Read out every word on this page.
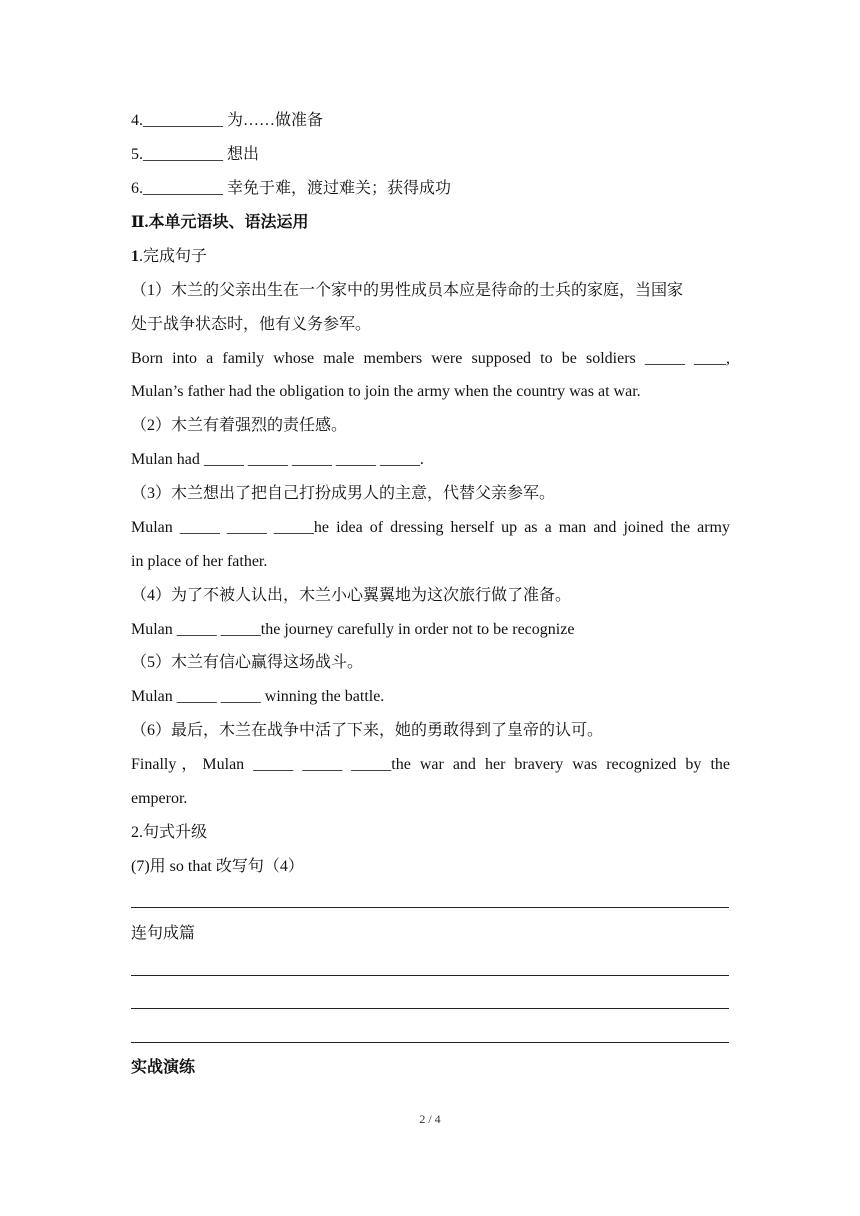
4.__________ 为……做准备
5.__________ 想出
6.__________ 幸免于难，渡过难关；获得成功
Ⅱ.本单元语块、语法运用
1.完成句子
（1）木兰的父亲出生在一个家中的男性成员本应是待命的士兵的家庭，当国家
处于战争状态时，他有义务参军。
Born into a family whose male members were supposed to be soldiers _____ ____,
Mulan’s father had the obligation to join the army when the country was at war.
（2）木兰有着强烈的责任感。
Mulan had _____ _____ _____ _____ _____.
（3）木兰想出了把自己打扮成男人的主意，代替父亲参军。
Mulan _____ _____ _____he idea of dressing herself up as a man and joined the army
in place of her father.
（4）为了不被人认出，木兰小心翼翼地为这次旅行做了准备。
Mulan _____ _____the journey carefully in order not to be recognize
（5）木兰有信心赢得这场战斗。
Mulan _____ _____ winning the battle.
（6）最后，木兰在战争中活了下来，她的勇敢得到了皇帝的认可。
Finally，Mulan _____ _____ _____the war and her bravery was recognized by the
emperor.
2.句式升级
(7)用 so that 改写句（4）
连句成篇
实战演练
2 / 4
